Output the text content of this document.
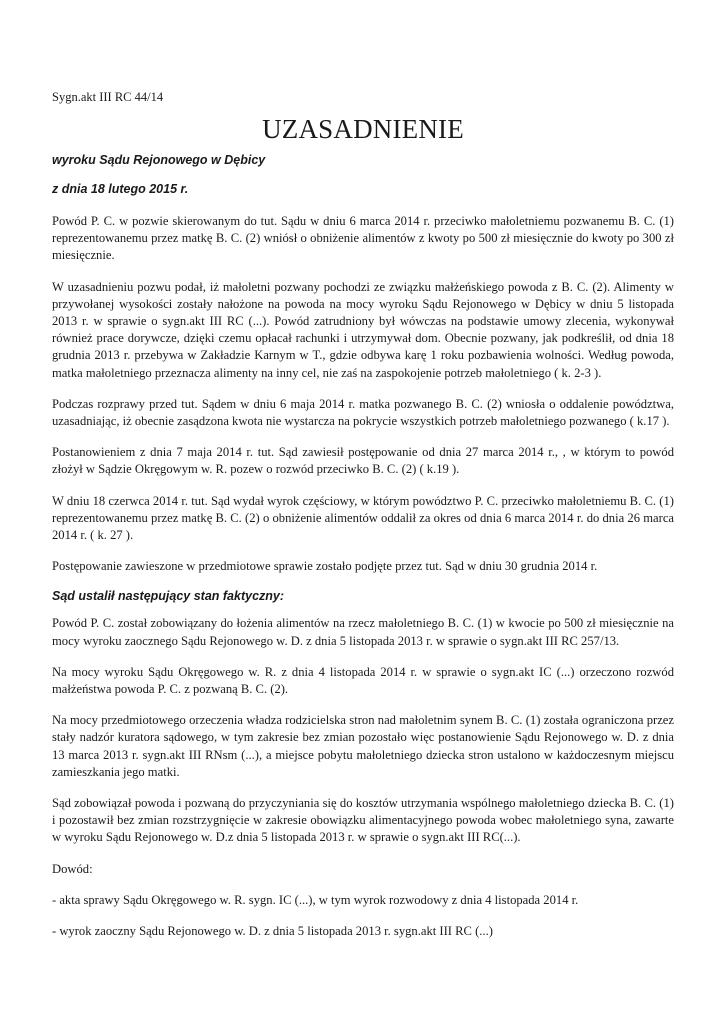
Sygn.akt III RC 44/14
UZASADNIENIE
wyroku Sądu Rejonowego w Dębicy
z dnia 18 lutego 2015 r.

Powód P. C. w pozwie skierowanym do tut. Sądu w dniu 6 marca 2014 r. przeciwko małoletniemu pozwanemu B. C. (1) reprezentowanemu przez matkę B. C. (2) wniósł o obniżenie alimentów z kwoty po 500 zł miesięcznie do kwoty po 300 zł miesięcznie.

W uzasadnieniu pozwu podał, iż małoletni pozwany pochodzi ze związku małżeńskiego powoda z B. C. (2). Alimenty w przywołanej wysokości zostały nałożone na powoda na mocy wyroku Sądu Rejonowego w Dębicy w dniu 5 listopada 2013 r. w sprawie o sygn.akt III RC (...). Powód zatrudniony był wówczas na podstawie umowy zlecenia, wykonywał również prace dorywcze, dzięki czemu opłacał rachunki i utrzymywał dom. Obecnie pozwany, jak podkreślił, od dnia 18 grudnia 2013 r. przebywa w Zakładzie Karnym w T., gdzie odbywa karę 1 roku pozbawienia wolności. Według powoda, matka małoletniego przeznacza alimenty na inny cel, nie zaś na zaspokojenie potrzeb małoletniego ( k. 2-3 ).

Podczas rozprawy przed tut. Sądem w dniu 6 maja 2014 r. matka pozwanego B. C. (2) wniosła o oddalenie powództwa, uzasadniając, iż obecnie zasądzona kwota nie wystarcza na pokrycie wszystkich potrzeb małoletniego pozwanego ( k.17 ).

Postanowieniem z dnia 7 maja 2014 r. tut. Sąd zawiesił postępowanie od dnia 27 marca 2014 r., , w którym to powód złożył w Sądzie Okręgowym w. R. pozew o rozwód przeciwko B. C. (2) ( k.19 ).

W dniu 18 czerwca 2014 r. tut. Sąd wydał wyrok częściowy, w którym powództwo P. C. przeciwko małoletniemu B. C. (1) reprezentowanemu przez matkę B. C. (2) o obniżenie alimentów oddalił za okres od dnia 6 marca 2014 r. do dnia 26 marca 2014 r. ( k. 27 ).

Postępowanie zawieszone w przedmiotowe sprawie zostało podjęte przez tut. Sąd w dniu 30 grudnia 2014 r.

Sąd ustalił następujący stan faktyczny:

Powód P. C. został zobowiązany do łożenia alimentów na rzecz małoletniego B. C. (1) w kwocie po 500 zł miesięcznie na mocy wyroku zaocznego Sądu Rejonowego w. D. z dnia 5 listopada 2013 r. w sprawie o sygn.akt III RC 257/13.

Na mocy wyroku Sądu Okręgowego w. R. z dnia 4 listopada 2014 r. w sprawie o sygn.akt IC (...) orzeczono rozwód małżeństwa powoda P. C. z pozwaną B. C. (2).

Na mocy przedmiotowego orzeczenia władza rodzicielska stron nad małoletnim synem B. C. (1) została ograniczona przez stały nadzór kuratora sądowego, w tym zakresie bez zmian pozostało więc postanowienie Sądu Rejonowego w. D. z dnia 13 marca 2013 r. sygn.akt III RNsm (...), a miejsce pobytu małoletniego dziecka stron ustalono w każdoczesnym miejscu zamieszkania jego matki.

Sąd zobowiązał powoda i pozwaną do przyczyniania się do kosztów utrzymania wspólnego małoletniego dziecka B. C. (1) i pozostawił bez zmian rozstrzygnięcie w zakresie obowiązku alimentacyjnego powoda wobec małoletniego syna, zawarte w wyroku Sądu Rejonowego w. D.z dnia 5 listopada 2013 r. w sprawie o sygn.akt III RC(...).

Dowód:

- akta sprawy Sądu Okręgowego w. R. sygn. IC (...), w tym wyrok rozwodowy z dnia 4 listopada 2014 r.

- wyrok zaoczny Sądu Rejonowego w. D. z dnia 5 listopada 2013 r. sygn.akt III RC (...)
